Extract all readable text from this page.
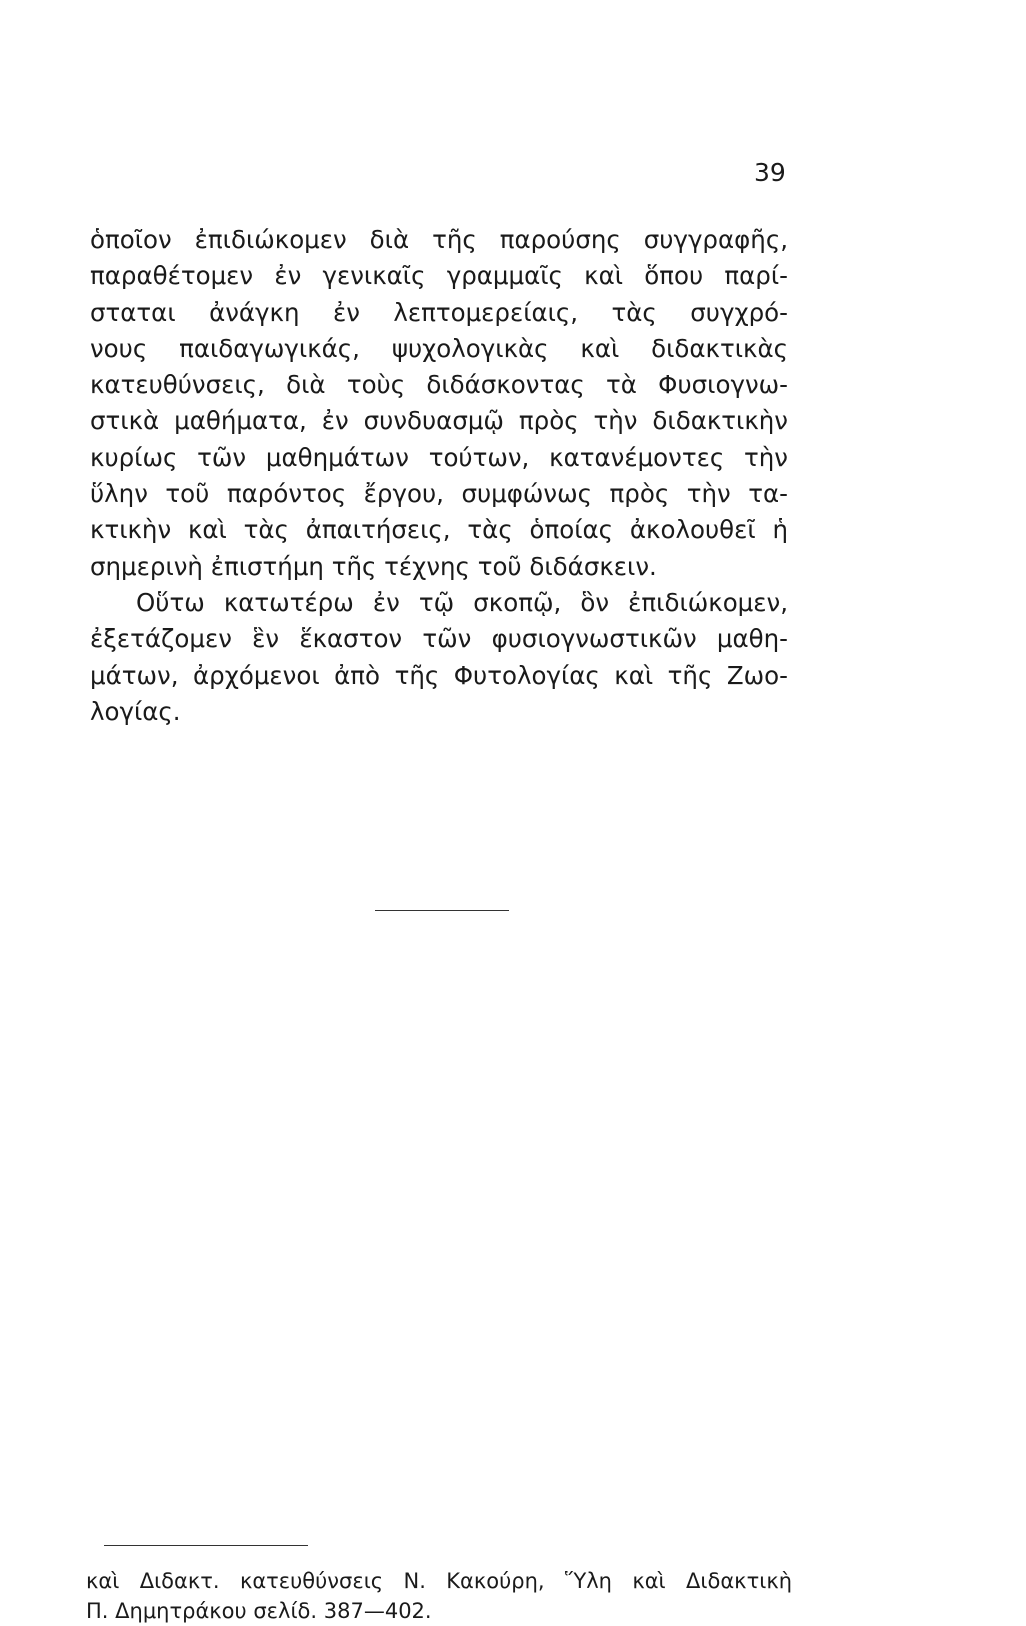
39
ὁποῖον ἐπιδιώκομεν διὰ τῆς παρούσης συγγραφῆς,
παραθέτομεν ἐν γενικαῖς γραμμαῖς καὶ ὅπου παρί-
σταται ἀνάγκη ἐν λεπτομερείαις, τὰς συγχρό-
νους παιδαγωγικάς, ψυχολογικὰς καὶ διδακτικὰς
κατευθύνσεις, διὰ τοὺς διδάσκοντας τὰ Φυσιογνω-
στικὰ μαθήματα, ἐν συνδυασμῷ πρὸς τὴν διδακτικὴν
κυρίως τῶν μαθημάτων τούτων, κατανέμοντες τὴν
ὕλην τοῦ παρόντος ἔργου, συμφώνως πρὸς τὴν τα-
κτικὴν καὶ τὰς ἀπαιτήσεις, τὰς ὁποίας ἀκολουθεῖ ἡ
σημερινὴ ἐπιστήμη τῆς τέχνης τοῦ διδάσκειν.
Οὕτω κατωτέρω ἐν τῷ σκοπῷ, ὃν ἐπιδιώκομεν,
ἐξετάζομεν ἓν ἕκαστον τῶν φυσιογνωστικῶν μαθη-
μάτων, ἀρχόμενοι ἀπὸ τῆς Φυτολογίας καὶ τῆς Ζωο-
λογίας.
καὶ Διδακτ. κατευθύνσεις Ν. Κακούρη, Ὕλη καὶ Διδακτικὴ
Π. Δημητράκου σελίδ. 387—402.
